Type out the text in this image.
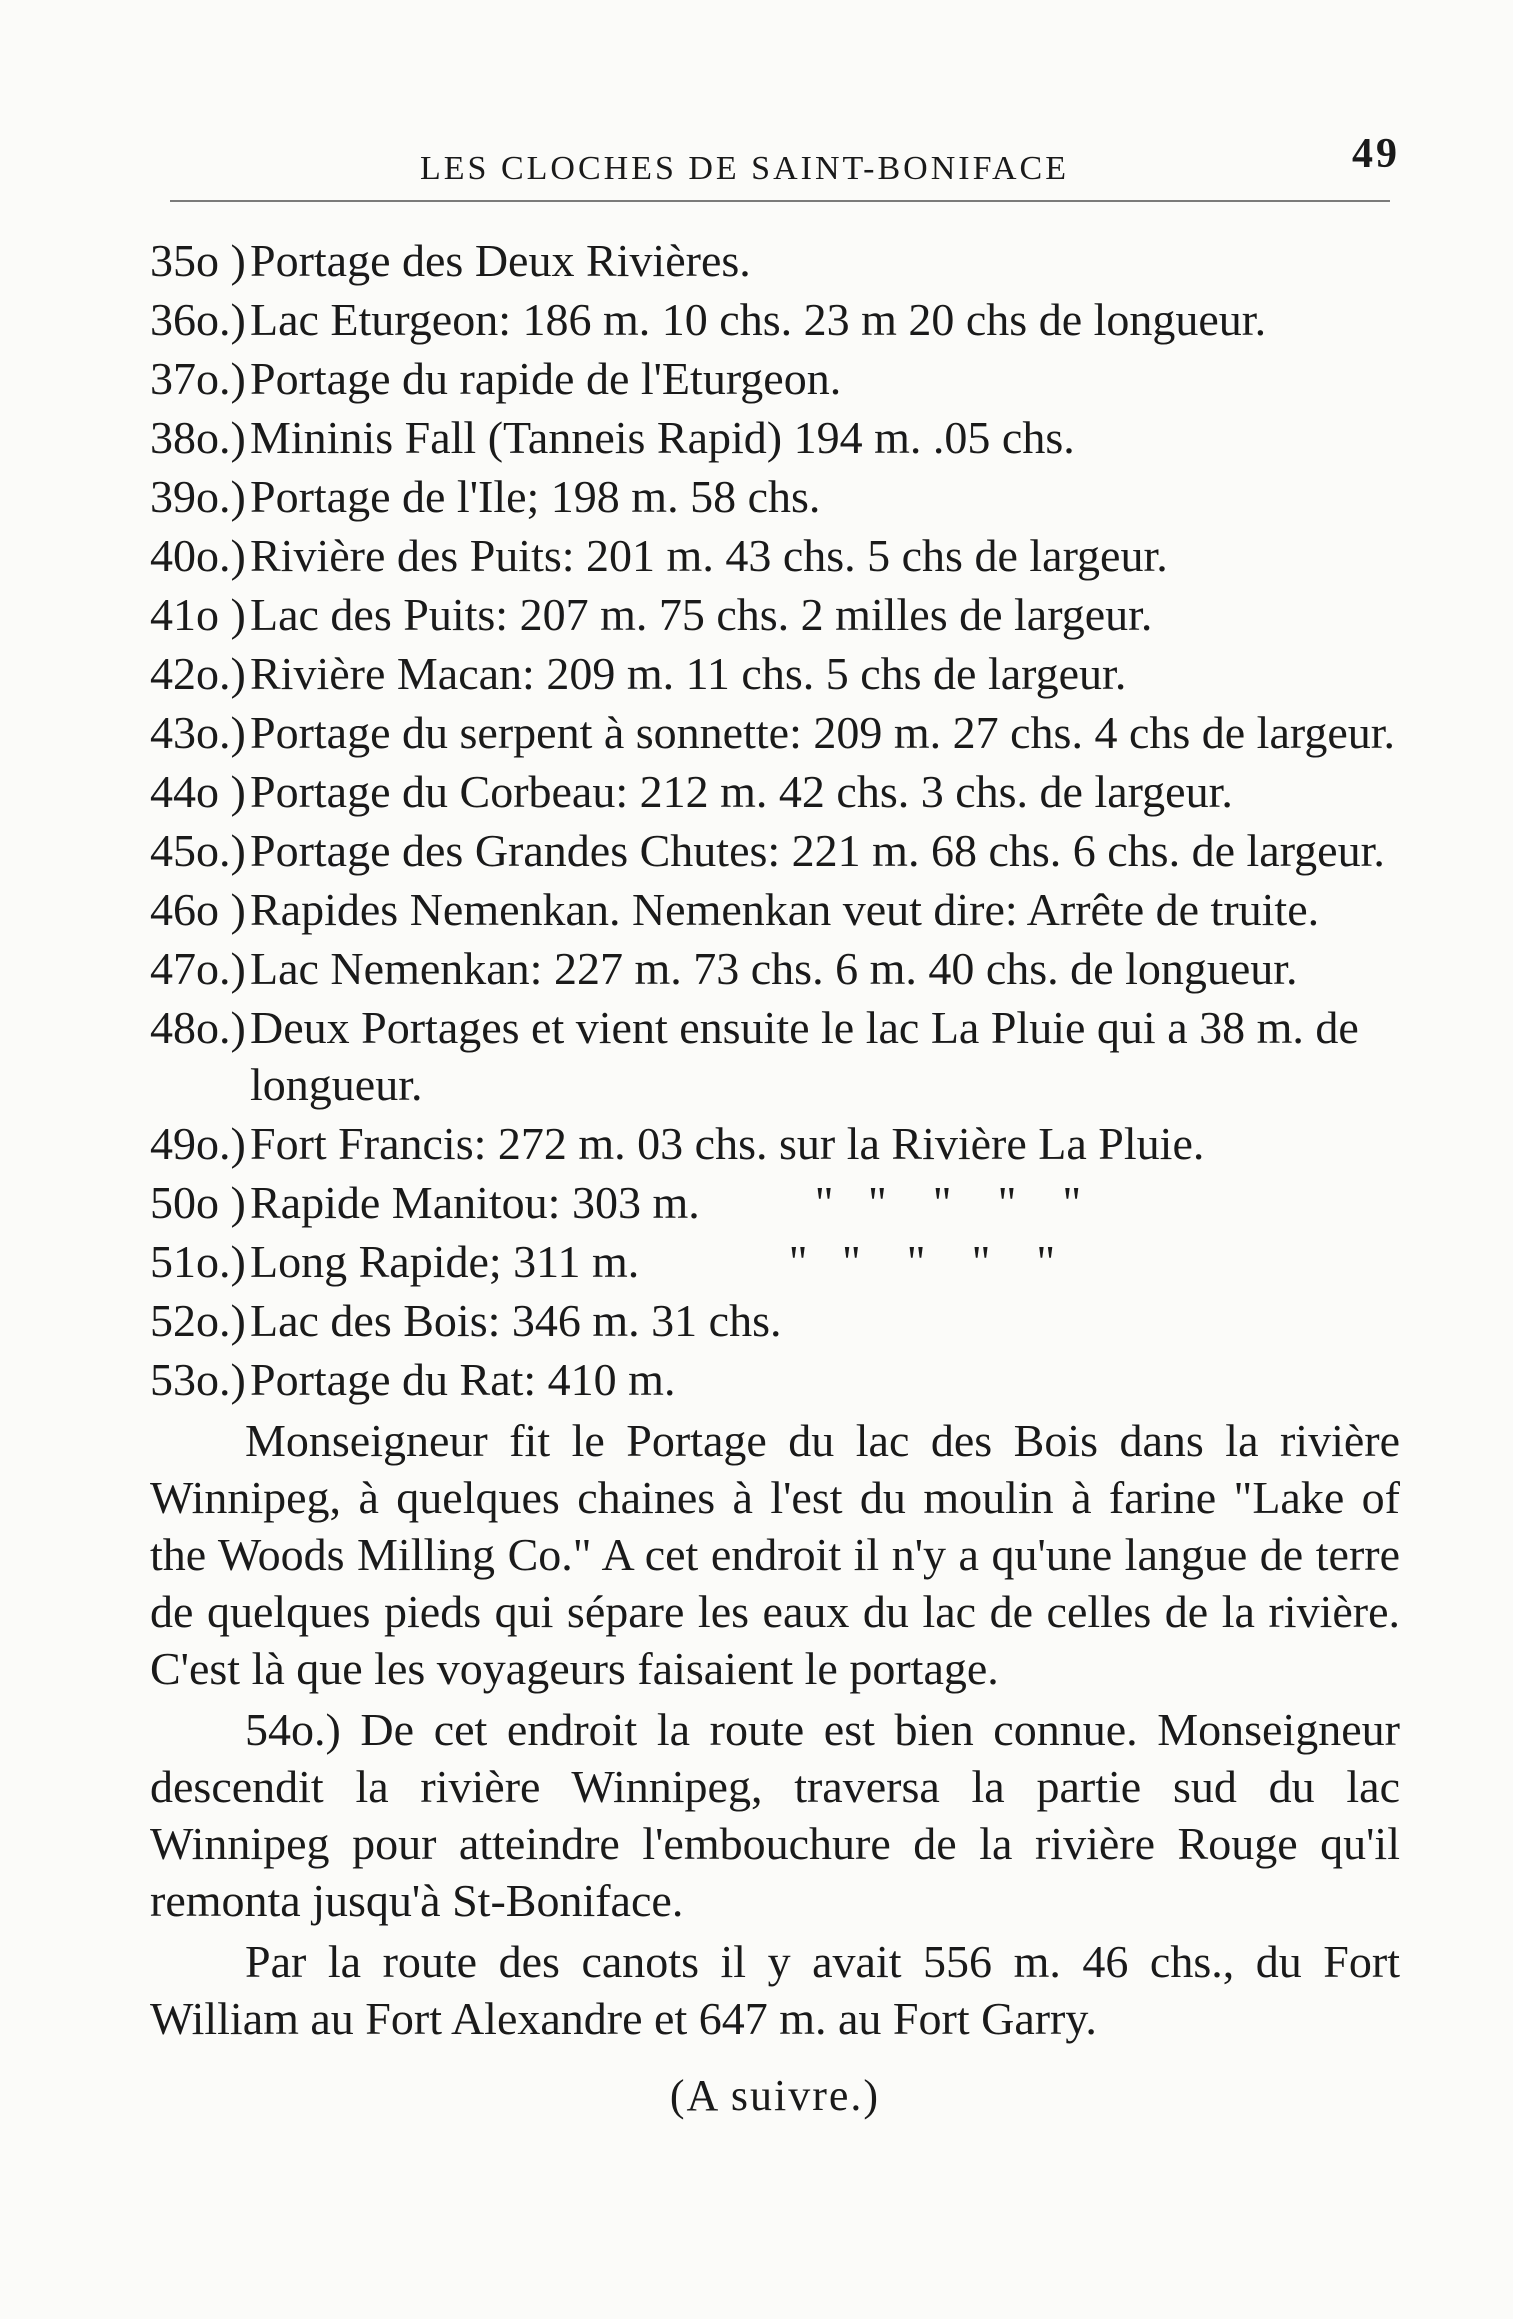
LES CLOCHES DE SAINT-BONIFACE	49

35o )Portage des Deux Rivières.

36o.)Lac Eturgeon: 186 m. 10 chs. 23 m 20 chs de longueur.

37o.)Portage du rapide de l'Eturgeon.

38o.)Mininis Fall (Tanneis Rapid) 194 m. .05 chs.

39o.)Portage de l'Ile; 198 m. 58 chs.

40o.)Rivière des Puits: 201 m. 43 chs. 5 chs de largeur.

41o )Lac des Puits: 207 m. 75 chs. 2 milles de largeur.

42o.)Rivière Macan: 209 m. 11 chs. 5 chs de largeur.

43o.)Portage du serpent à sonnette: 209 m. 27 chs. 4 chs de largeur.

44o )Portage du Corbeau: 212 m. 42 chs. 3 chs. de largeur.

45o.)Portage des Grandes Chutes: 221 m. 68 chs. 6 chs. de largeur.

46o )Rapides Nemenkan. Nemenkan veut dire: Arrête de truite.

47o.)Lac Nemenkan: 227 m. 73 chs. 6 m. 40 chs. de longueur.

48o.)Deux Portages et vient ensuite le lac La Pluie qui a 38 m. de longueur.

49o.)Fort Francis: 272 m. 03 chs. sur la Rivière La Pluie.

50o )Rapide Manitou: 303 m.          "   "    "    "    "

51o.)Long Rapide; 311 m.             "   "    "    "    "

52o.)Lac des Bois: 346 m. 31 chs.

53o.)Portage du Rat: 410 m.

Monseigneur fit le Portage du lac des Bois dans la rivière Winnipeg, à quelques chaines à l'est du moulin à farine "Lake of the Woods Milling Co." A cet endroit il n'y a qu'une langue de terre de quelques pieds qui sépare les eaux du lac de celles de la rivière. C'est là que les voyageurs faisaient le portage.

54o.) De cet endroit la route est bien connue. Monseigneur descendit la rivière Winnipeg, traversa la partie sud du lac Winnipeg pour atteindre l'embouchure de la rivière Rouge qu'il remonta jusqu'à St-Boniface.

Par la route des canots il y avait 556 m. 46 chs., du Fort William au Fort Alexandre et 647 m. au Fort Garry.

(A suivre.)
